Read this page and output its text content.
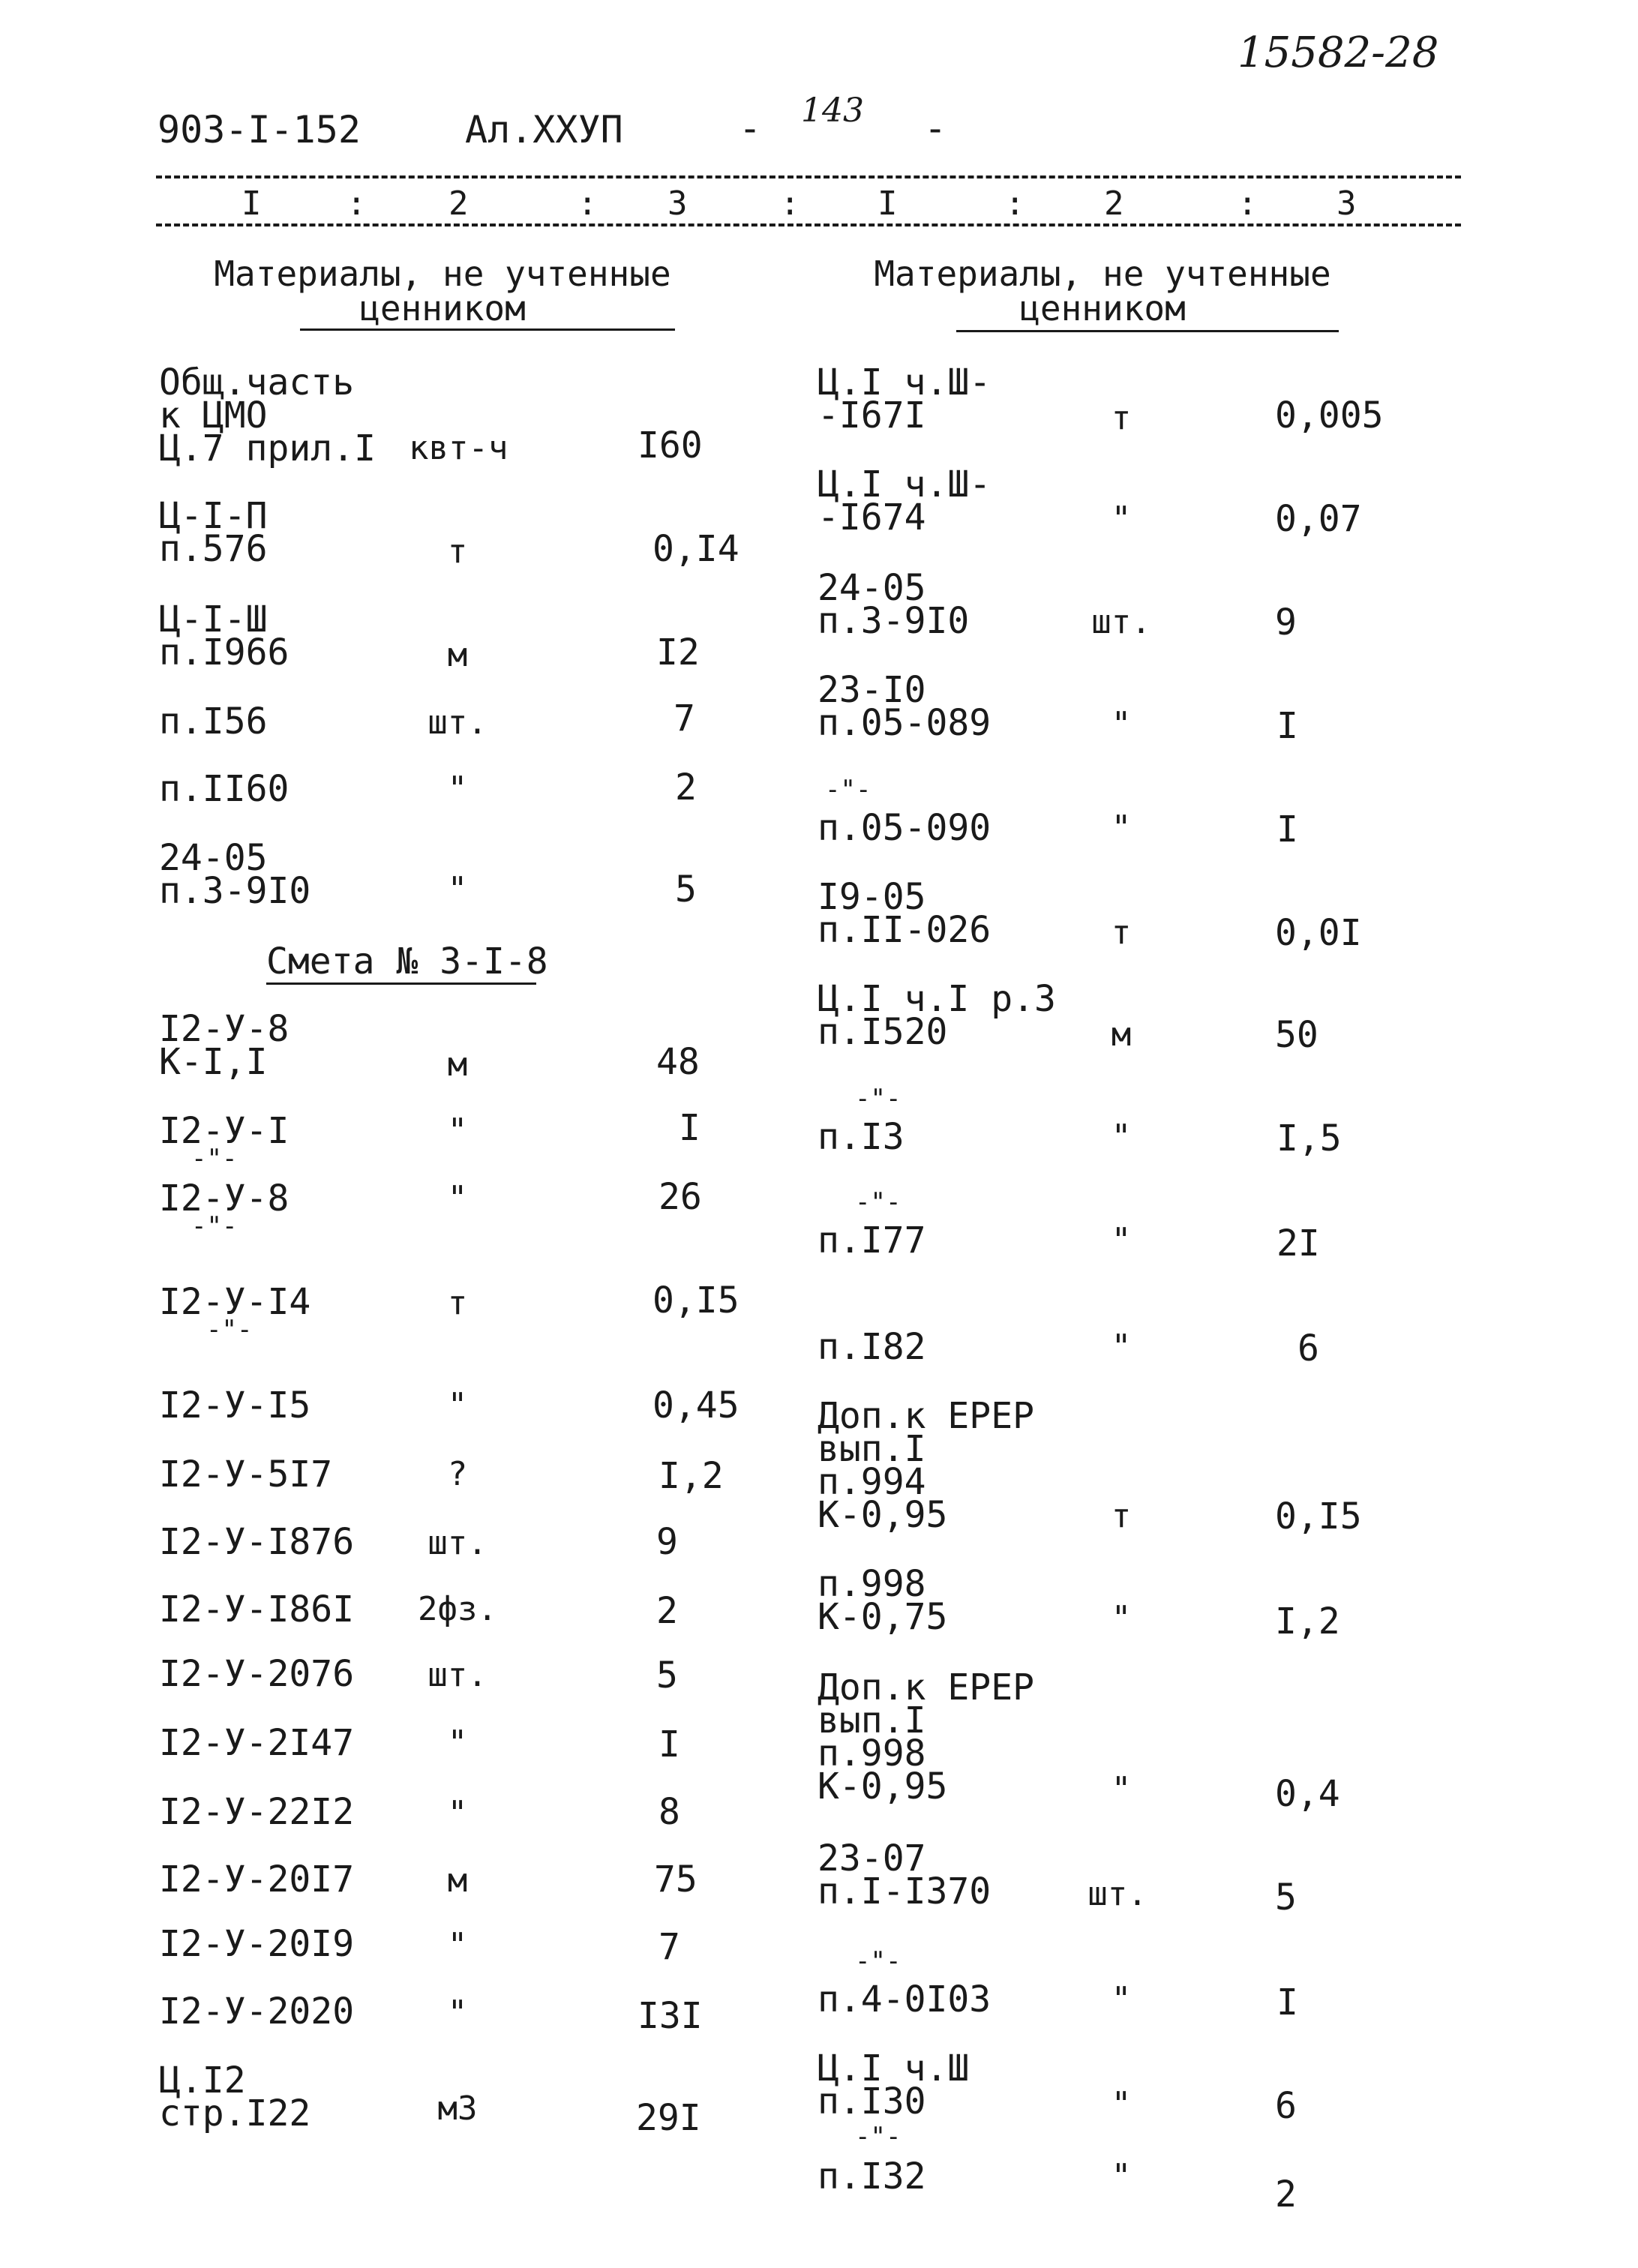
15582-28
903-I-152	Ал.ХХУП	- 143 -
I	: 2	: 3	: I	: 2	: 3
Материалы, не учтенные
ценником
Материалы, не учтенные
ценником
Общ.часть
к ЦМО
Ц.7 прил.I квт-ч	I60
Ц-I-П
п.576	т	0,I4
Ц-I-Ш
п.I966	м	I2
п.I56	шт.	7
п.II60	"	2
24-05
п.3-9I0	"	5
Смета № 3-I-8
I2-У-8
К-I,I	м	48
I2-У-I
-"-
"	I
I2-У-8
-"-
"	26
I2-У-I4
-"-
т	0,I5
I2-У-I5	"	0,45
I2-У-5I7	?	I,2
I2-У-I876	шт.	9
I2-У-I86I 2фз.	2
I2-У-2076	шт.	5
I2-У-2I47	"	I
I2-У-22I2	"	8
I2-У-20I7	м	75
I2-У-20I9	"	7
I2-У-2020	"	I3I
Ц.I2
стр.I22	м3	29I
Ц.I ч.Ш-
-I67I	т	0,005
Ц.I ч.Ш-
-I674	"	0,07
24-05
п.3-9I0	шт.	9
23-I0
п.05-089	"	I
-"-
п.05-090	"	I
I9-05
п.II-026	т	0,0I
Ц.I ч.I р.3
п.I520	м	50
-"-
п.I3	"	I,5
-"-
п.I77	"	2I
п.I82	"	6
Доп.к ЕРЕР
вып.I
п.994
К-0,95	т	0,I5
п.998
К-0,75	"	I,2
Доп.к ЕРЕР
вып.I
п.998
К-0,95	"	0,4
23-07
п.I-I370	шт.	5
-"-
п.4-0I03	"	I
Ц.I ч.Ш
п.I30	"	6
-"-
п.I32	"	2
